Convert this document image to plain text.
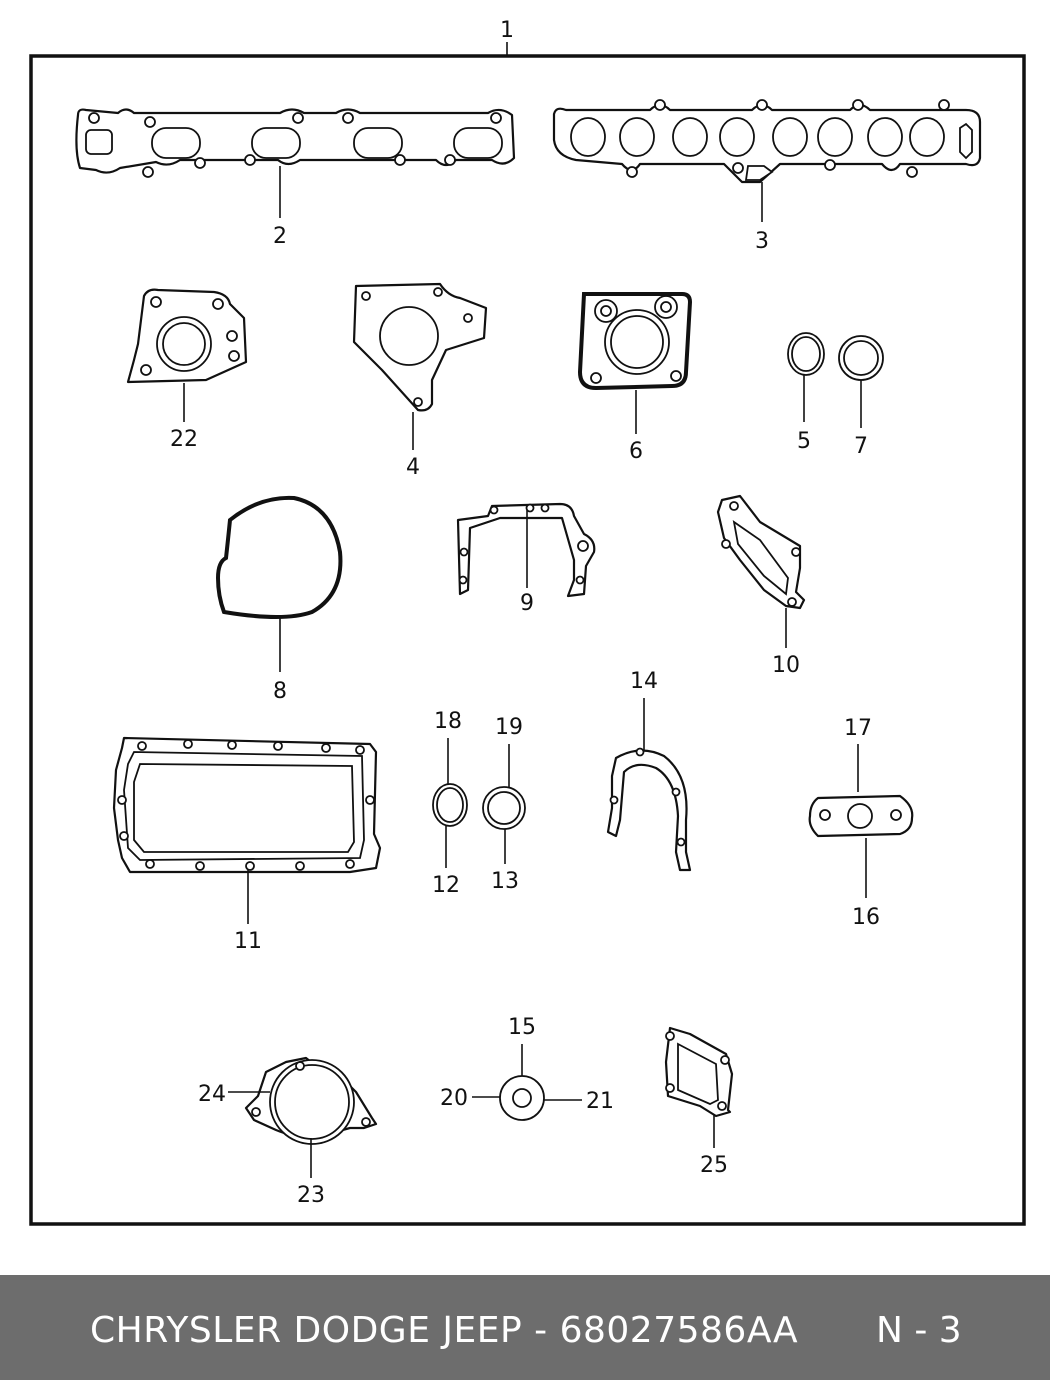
1
2	3
22
4
6	5 7
8
9
10
11
18
12
19
13
14
17
16
24
23
15
20	21
25
CHRYSLER DODGE JEEP - 68027586AA N - 3
